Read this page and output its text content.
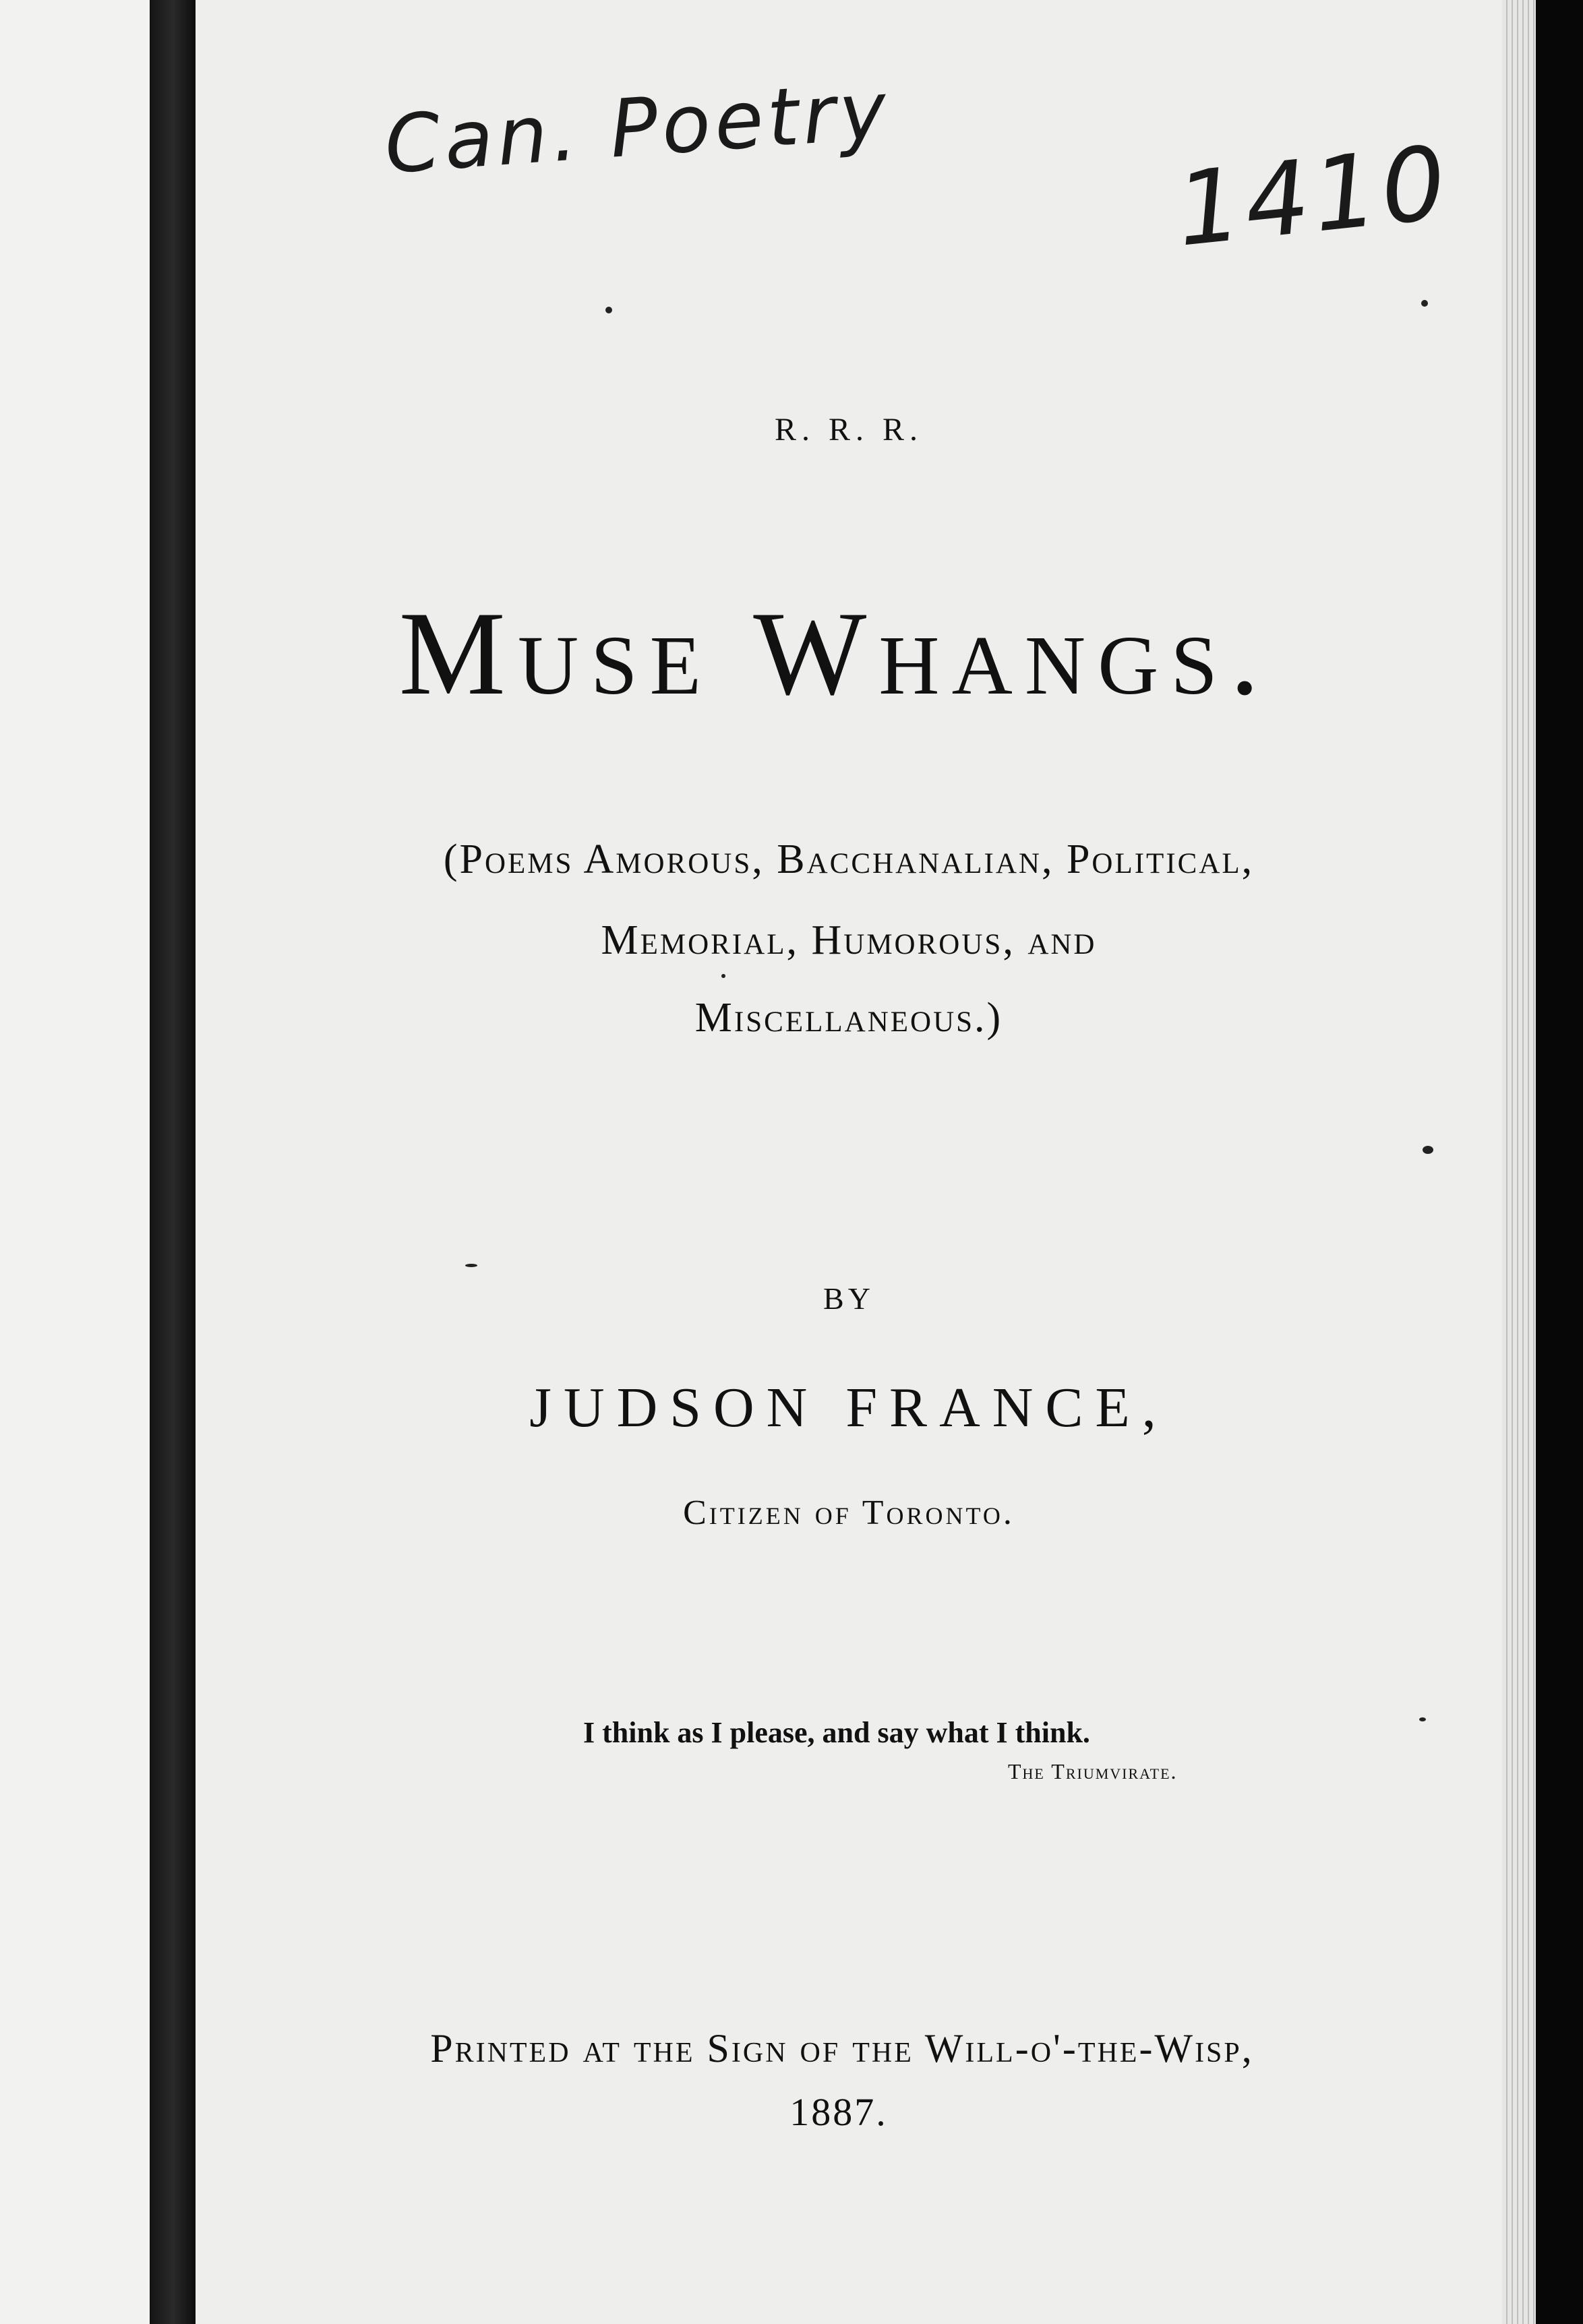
Can. Poetry	1410
R. R. R.
Muse Whangs.
(Poems Amorous, Bacchanalian, Political,
Memorial, Humorous, and
Miscellaneous.)
BY
JUDSON FRANCE,
Citizen of Toronto.
I think as I please, and say what I think.
The Triumvirate.
Printed at the Sign of the Will-o'-the-Wisp,
1887.
